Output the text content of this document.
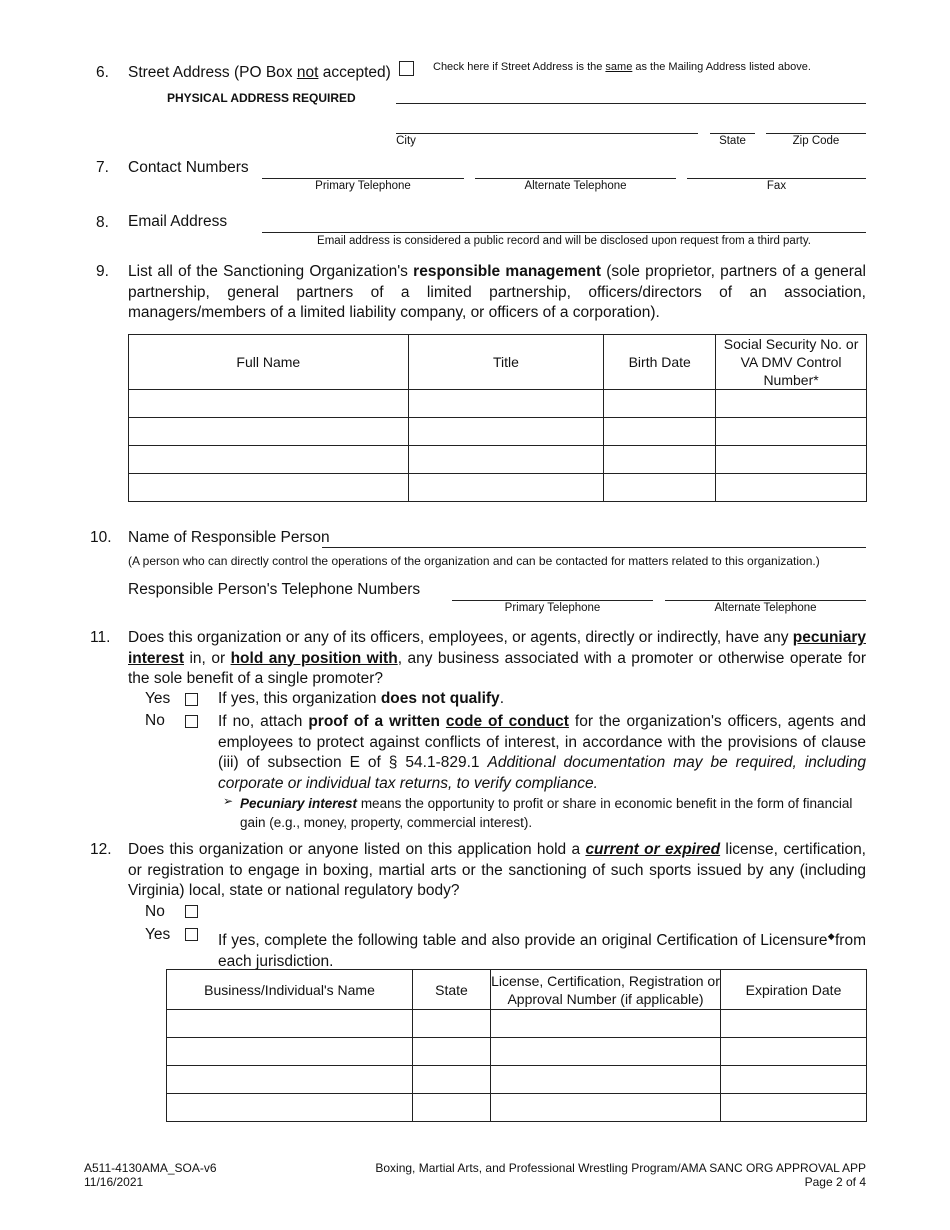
6. Street Address (PO Box not accepted)
PHYSICAL ADDRESS REQUIRED
Check here if Street Address is the same as the Mailing Address listed above.
City	State	Zip Code
7. Contact Numbers
Primary Telephone	Alternate Telephone	Fax
8. Email Address
Email address is considered a public record and will be disclosed upon request from a third party.
9. List all of the Sanctioning Organization's responsible management (sole proprietor, partners of a general partnership, general partners of a limited partnership, officers/directors of an association, managers/members of a limited liability company, or officers of a corporation).
Full Name	Title	Birth Date	Social Security No. or VA DMV Control Number*

10. Name of Responsible Person
(A person who can directly control the operations of the organization and can be contacted for matters related to this organization.)
Responsible Person's Telephone Numbers
Primary Telephone	Alternate Telephone
11. Does this organization or any of its officers, employees, or agents, directly or indirectly, have any pecuniary interest in, or hold any position with, any business associated with a promoter or otherwise operate for the sole benefit of a single promoter?
Yes	If yes, this organization does not qualify.
No	If no, attach proof of a written code of conduct for the organization's officers, agents and employees to protect against conflicts of interest, in accordance with the provisions of clause (iii) of subsection E of § 54.1-829.1 Additional documentation may be required, including corporate or individual tax returns, to verify compliance.
➢ Pecuniary interest means the opportunity to profit or share in economic benefit in the form of financial gain (e.g., money, property, commercial interest).
12. Does this organization or anyone listed on this application hold a current or expired license, certification, or registration to engage in boxing, martial arts or the sanctioning of such sports issued by any (including Virginia) local, state or national regulatory body?
No
Yes	If yes, complete the following table and also provide an original Certification of Licensure◆from each jurisdiction.
Business/Individual's Name	State	License, Certification, Registration or Approval Number (if applicable)	Expiration Date

A511-4130AMA_SOA-v6
11/16/2021
Boxing, Martial Arts, and Professional Wrestling Program/AMA SANC ORG APPROVAL APP
Page 2 of 4
